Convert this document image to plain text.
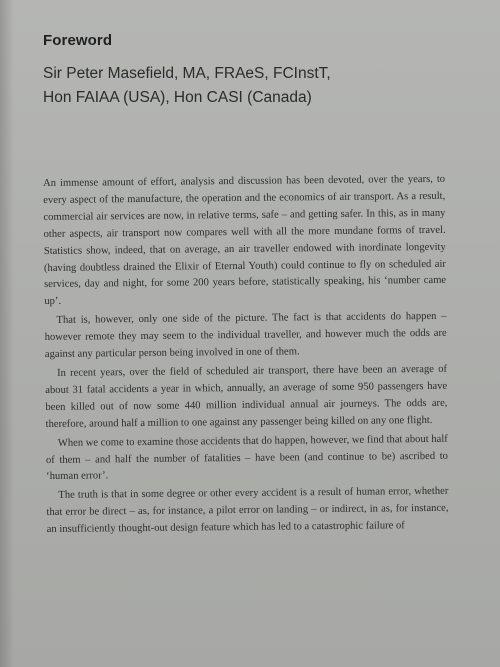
Foreword
Sir Peter Masefield, MA, FRAeS, FCInstT,
Hon FAIAA (USA), Hon CASI (Canada)

An immense amount of effort, analysis and discussion has been devoted, over the years, to every aspect of the manufacture, the operation and the economics of air transport. As a result, commercial air services are now, in relative terms, safe – and getting safer. In this, as in many other aspects, air transport now compares well with all the more mundane forms of travel. Statistics show, indeed, that on average, an air traveller endowed with inordinate longevity (having doubtless drained the Elixir of Eternal Youth) could continue to fly on scheduled air services, day and night, for some 200 years before, statistically speaking, his ‘number came up’.

That is, however, only one side of the picture. The fact is that accidents do happen – however remote they may seem to the individual traveller, and however much the odds are against any particular person being involved in one of them.

In recent years, over the field of scheduled air transport, there have been an average of about 31 fatal accidents a year in which, annually, an average of some 950 passengers have been killed out of now some 440 million individual annual air journeys. The odds are, therefore, around half a million to one against any passenger being killed on any one flight.

When we come to examine those accidents that do happen, however, we find that about half of them – and half the number of fatalities – have been (and continue to be) ascribed to ‘human error’.

The truth is that in some degree or other every accident is a result of human error, whether that error be direct – as, for instance, a pilot error on landing – or indirect, in as, for instance, an insufficiently thought-out design feature which has led to a catastrophic failure of
